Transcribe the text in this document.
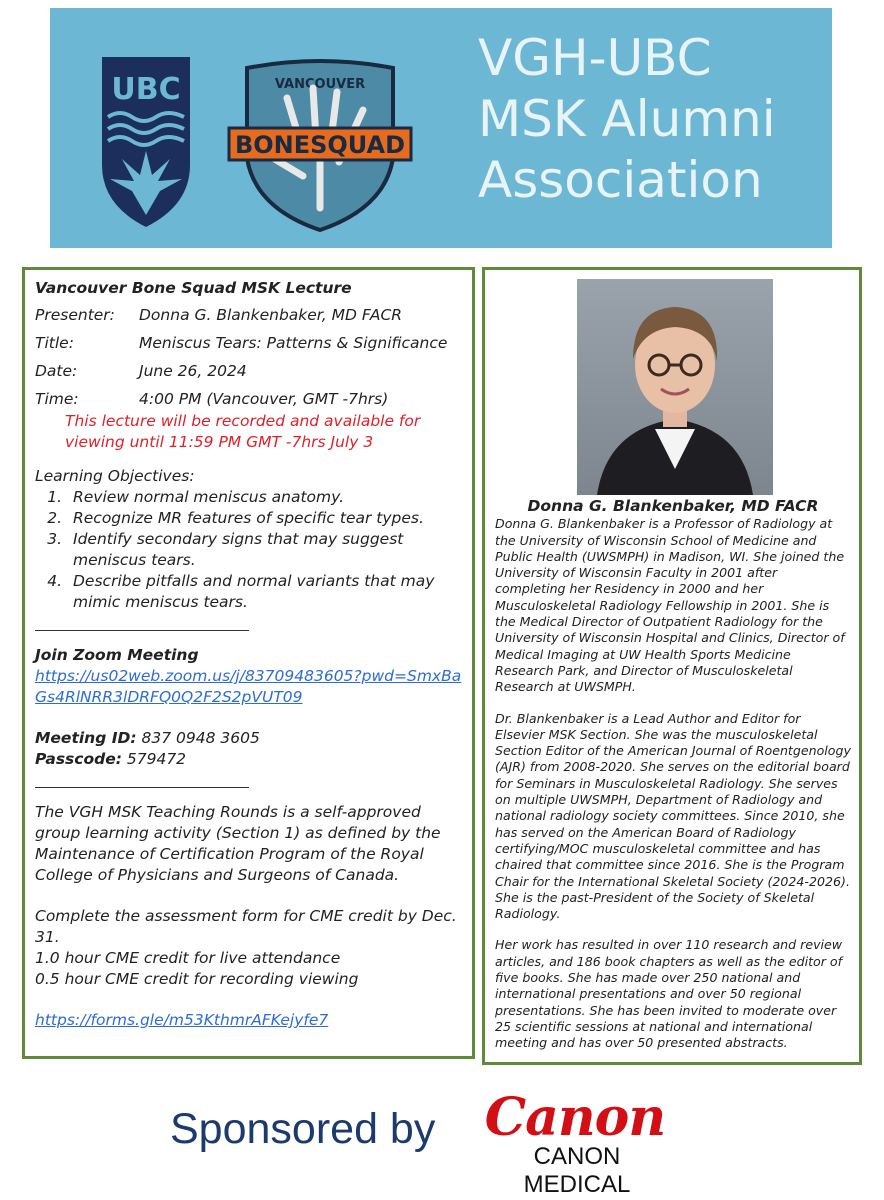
UBC	VANCOUVER
BONESQUAD
VGH-UBC
MSK Alumni
Association
Vancouver Bone Squad MSK Lecture
Presenter:	Donna G. Blankenbaker, MD FACR
Title:	Meniscus Tears: Patterns & Significance
Date:	June 26, 2024
Time:	4:00 PM (Vancouver, GMT -7hrs)
This lecture will be recorded and available for viewing until 11:59 PM GMT -7hrs July 3
Learning Objectives:
1. Review normal meniscus anatomy.
2. Recognize MR features of specific tear types.
3. Identify secondary signs that may suggest meniscus tears.
4. Describe pitfalls and normal variants that may mimic meniscus tears.
Join Zoom Meeting
https://us02web.zoom.us/j/83709483605?pwd=SmxBaGs4RlNRR3lDRFQ0Q2F2S2pVUT09
Meeting ID: 837 0948 3605
Passcode: 579472
The VGH MSK Teaching Rounds is a self-approved group learning activity (Section 1) as defined by the Maintenance of Certification Program of the Royal College of Physicians and Surgeons of Canada.
Complete the assessment form for CME credit by Dec. 31.
1.0 hour CME credit for live attendance
0.5 hour CME credit for recording viewing
https://forms.gle/m53KthmrAFKejyfe7
Donna G. Blankenbaker, MD FACR

Donna G. Blankenbaker is a Professor of Radiology at the University of Wisconsin School of Medicine and Public Health (UWSMPH) in Madison, WI. She joined the University of Wisconsin Faculty in 2001 after completing her Residency in 2000 and her Musculoskeletal Radiology Fellowship in 2001. She is the Medical Director of Outpatient Radiology for the University of Wisconsin Hospital and Clinics, Director of Medical Imaging at UW Health Sports Medicine Research Park, and Director of Musculoskeletal Research at UWSMPH.

Dr. Blankenbaker is a Lead Author and Editor for Elsevier MSK Section. She was the musculoskeletal Section Editor of the American Journal of Roentgenology (AJR) from 2008-2020. She serves on the editorial board for Seminars in Musculoskeletal Radiology. She serves on multiple UWSMPH, Department of Radiology and national radiology society committees. Since 2010, she has served on the American Board of Radiology certifying/MOC musculoskeletal committee and has chaired that committee since 2016. She is the Program Chair for the International Skeletal Society (2024-2026). She is the past-President of the Society of Skeletal Radiology.

Her work has resulted in over 110 research and review articles, and 186 book chapters as well as the editor of five books. She has made over 250 national and international presentations and over 50 regional presentations. She has been invited to moderate over 25 scientific sessions at national and international meeting and has over 50 presented abstracts.

Sponsored by Canon
CANON MEDICAL
